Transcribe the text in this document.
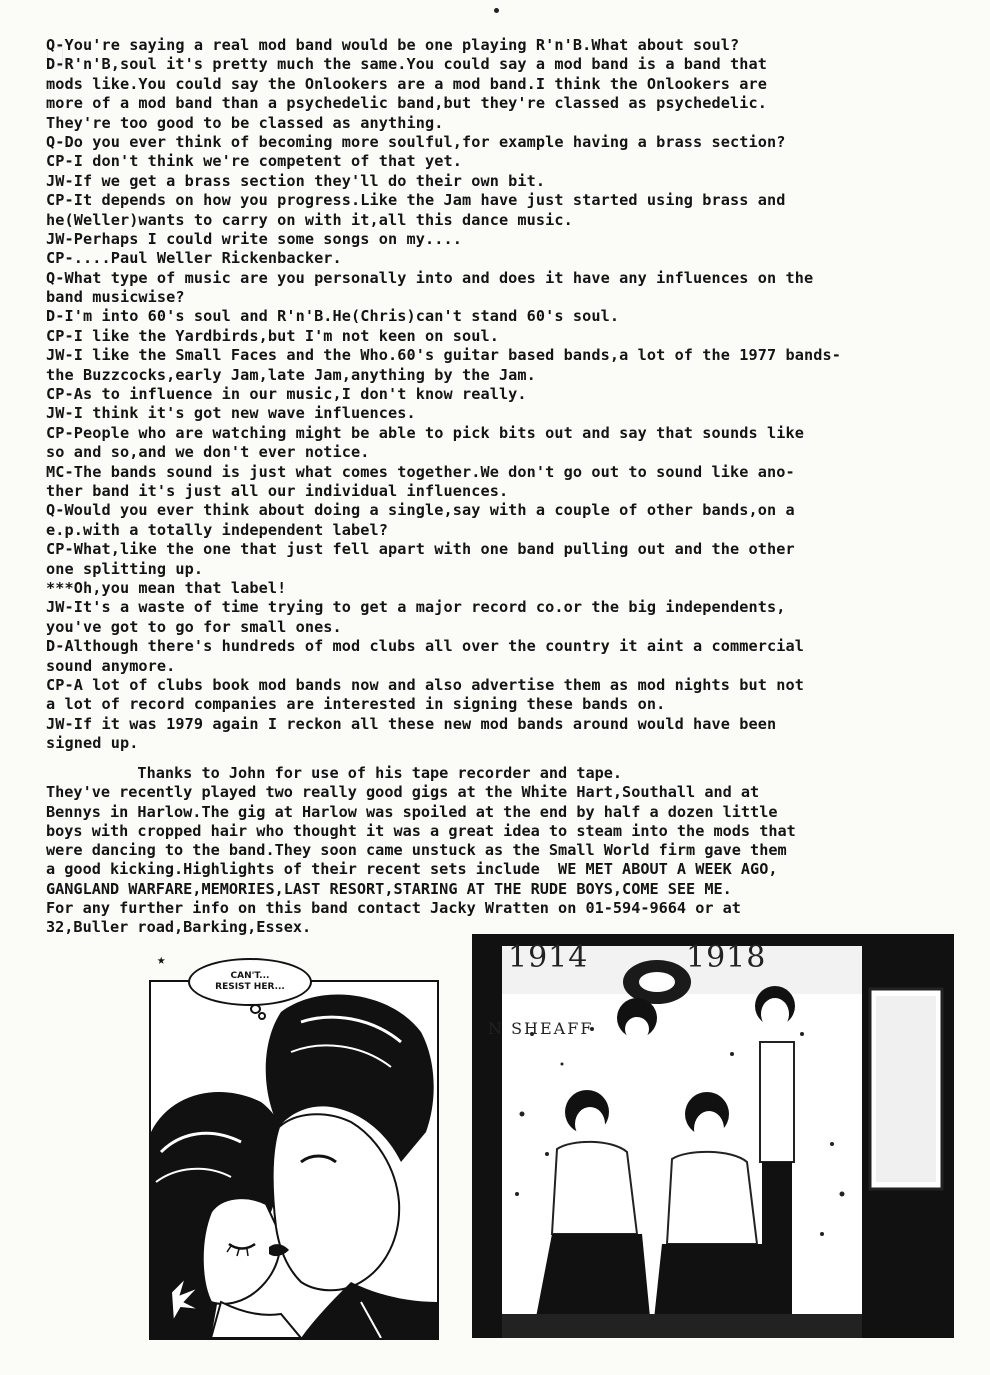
Q-You're saying a real mod band would be one playing R'n'B.What about soul?
D-R'n'B,soul it's pretty much the same.You could say a mod band is a band that
mods like.You could say the Onlookers are a mod band.I think the Onlookers are
more of a mod band than a psychedelic band,but they're classed as psychedelic.
They're too good to be classed as anything.
Q-Do you ever think of becoming more soulful,for example having a brass section?
CP-I don't think we're competent of that yet.
JW-If we get a brass section they'll do their own bit.
CP-It depends on how you progress.Like the Jam have just started using brass and
he(Weller)wants to carry on with it,all this dance music.
JW-Perhaps I could write some songs on my....
CP-....Paul Weller Rickenbacker.
Q-What type of music are you personally into and does it have any influences on the
band musicwise?
D-I'm into 60's soul and R'n'B.He(Chris)can't stand 60's soul.
CP-I like the Yardbirds,but I'm not keen on soul.
JW-I like the Small Faces and the Who.60's guitar based bands,a lot of the 1977 bands-
the Buzzcocks,early Jam,late Jam,anything by the Jam.
CP-As to influence in our music,I don't know really.
JW-I think it's got new wave influences.
CP-People who are watching might be able to pick bits out and say that sounds like
so and so,and we don't ever notice.
MC-The bands sound is just what comes together.We don't go out to sound like ano-
ther band it's just all our individual influences.
Q-Would you ever think about doing a single,say with a couple of other bands,on a
e.p.with a totally independent label?
CP-What,like the one that just fell apart with one band pulling out and the other
one splitting up.
***Oh,you mean that label!
JW-It's a waste of time trying to get a major record co.or the big independents,
you've got to go for small ones.
D-Although there's hundreds of mod clubs all over the country it aint a commercial
sound anymore.
CP-A lot of clubs book mod bands now and also advertise them as mod nights but not
a lot of record companies are interested in signing these bands on.
JW-If it was 1979 again I reckon all these new mod bands around would have been
signed up.
Thanks to John for use of his tape recorder and tape.
They've recently played two really good gigs at the White Hart,Southall and at
Bennys in Harlow.The gig at Harlow was spoiled at the end by half a dozen little
boys with cropped hair who thought it was a great idea to steam into the mods that
were dancing to the band.They soon came unstuck as the Small World firm gave them
a good kicking.Highlights of their recent sets include  WE MET ABOUT A WEEK AGO,
GANGLAND WARFARE,MEMORIES,LAST RESORT,STARING AT THE RUDE BOYS,COME SEE ME.
For any further info on this band contact Jacky Wratten on 01-594-9664 or at
32,Buller road,Barking,Essex.
★
CAN'T...
RESIST HER...
N SHEAFF
1914	1918
